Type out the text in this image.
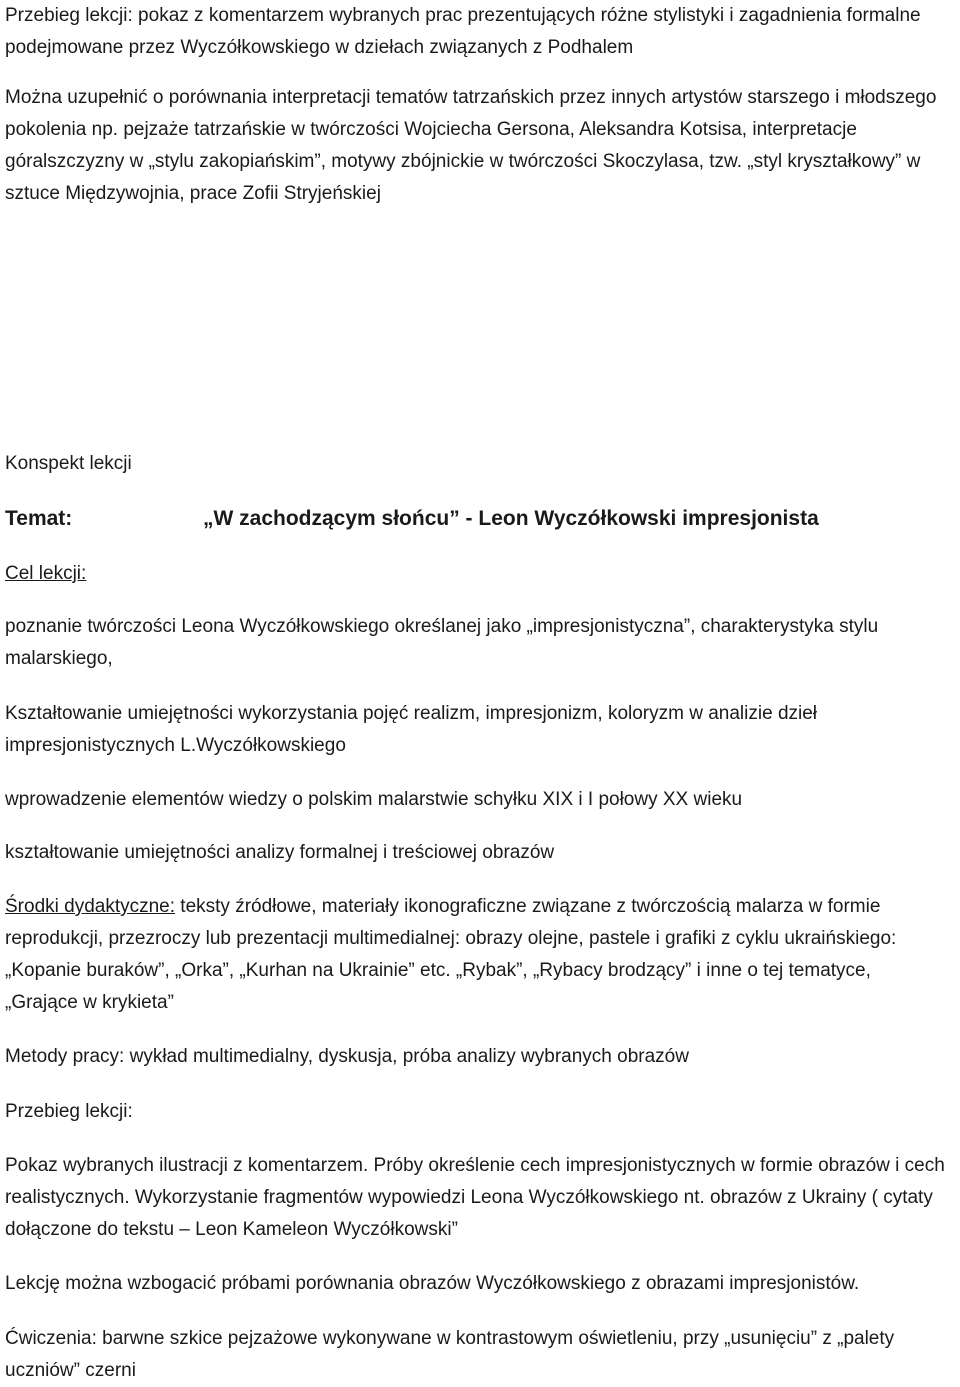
Przebieg lekcji: pokaz z komentarzem wybranych prac prezentujących różne stylistyki i zagadnienia formalne podejmowane przez Wyczółkowskiego w dziełach związanych z Podhalem

Można uzupełnić o porównania interpretacji tematów tatrzańskich przez innych artystów starszego i młodszego pokolenia np. pejzaże tatrzańskie w twórczości Wojciecha Gersona, Aleksandra Kotsisa, interpretacje góralszczyzny w „stylu zakopiańskim”, motywy zbójnickie w twórczości Skoczylasa, tzw. „styl kryształkowy” w sztuce Międzywojnia, prace Zofii Stryjeńskiej

Konspekt lekcji

Temat:	„W zachodzącym słońcu” - Leon Wyczółkowski impresjonista

Cel lekcji:

poznanie twórczości Leona Wyczółkowskiego określanej jako „impresjonistyczna”, charakterystyka stylu malarskiego,

Kształtowanie umiejętności wykorzystania pojęć realizm, impresjonizm, koloryzm w analizie dzieł impresjonistycznych L.Wyczółkowskiego

wprowadzenie elementów wiedzy o polskim malarstwie schyłku XIX i I połowy XX wieku

kształtowanie umiejętności analizy formalnej i treściowej obrazów

Środki dydaktyczne: teksty źródłowe, materiały ikonograficzne związane z twórczością malarza w formie reprodukcji, przezroczy lub prezentacji multimedialnej: obrazy olejne, pastele i grafiki z cyklu ukraińskiego: „Kopanie buraków”, „Orka”, „Kurhan na Ukrainie” etc. „Rybak”, „Rybacy brodzący” i inne o tej tematyce, „Grające w krykieta”

Metody pracy: wykład multimedialny, dyskusja, próba analizy wybranych obrazów

Przebieg lekcji:

Pokaz wybranych ilustracji z komentarzem. Próby określenie cech impresjonistycznych w formie obrazów i cech realistycznych. Wykorzystanie fragmentów wypowiedzi Leona Wyczółkowskiego nt. obrazów z Ukrainy ( cytaty dołączone do tekstu – Leon Kameleon Wyczółkowski”

Lekcję można wzbogacić próbami porównania obrazów Wyczółkowskiego z obrazami impresjonistów.

Ćwiczenia: barwne szkice pejzażowe wykonywane w kontrastowym oświetleniu, przy „usunięciu” z „palety uczniów” czerni
